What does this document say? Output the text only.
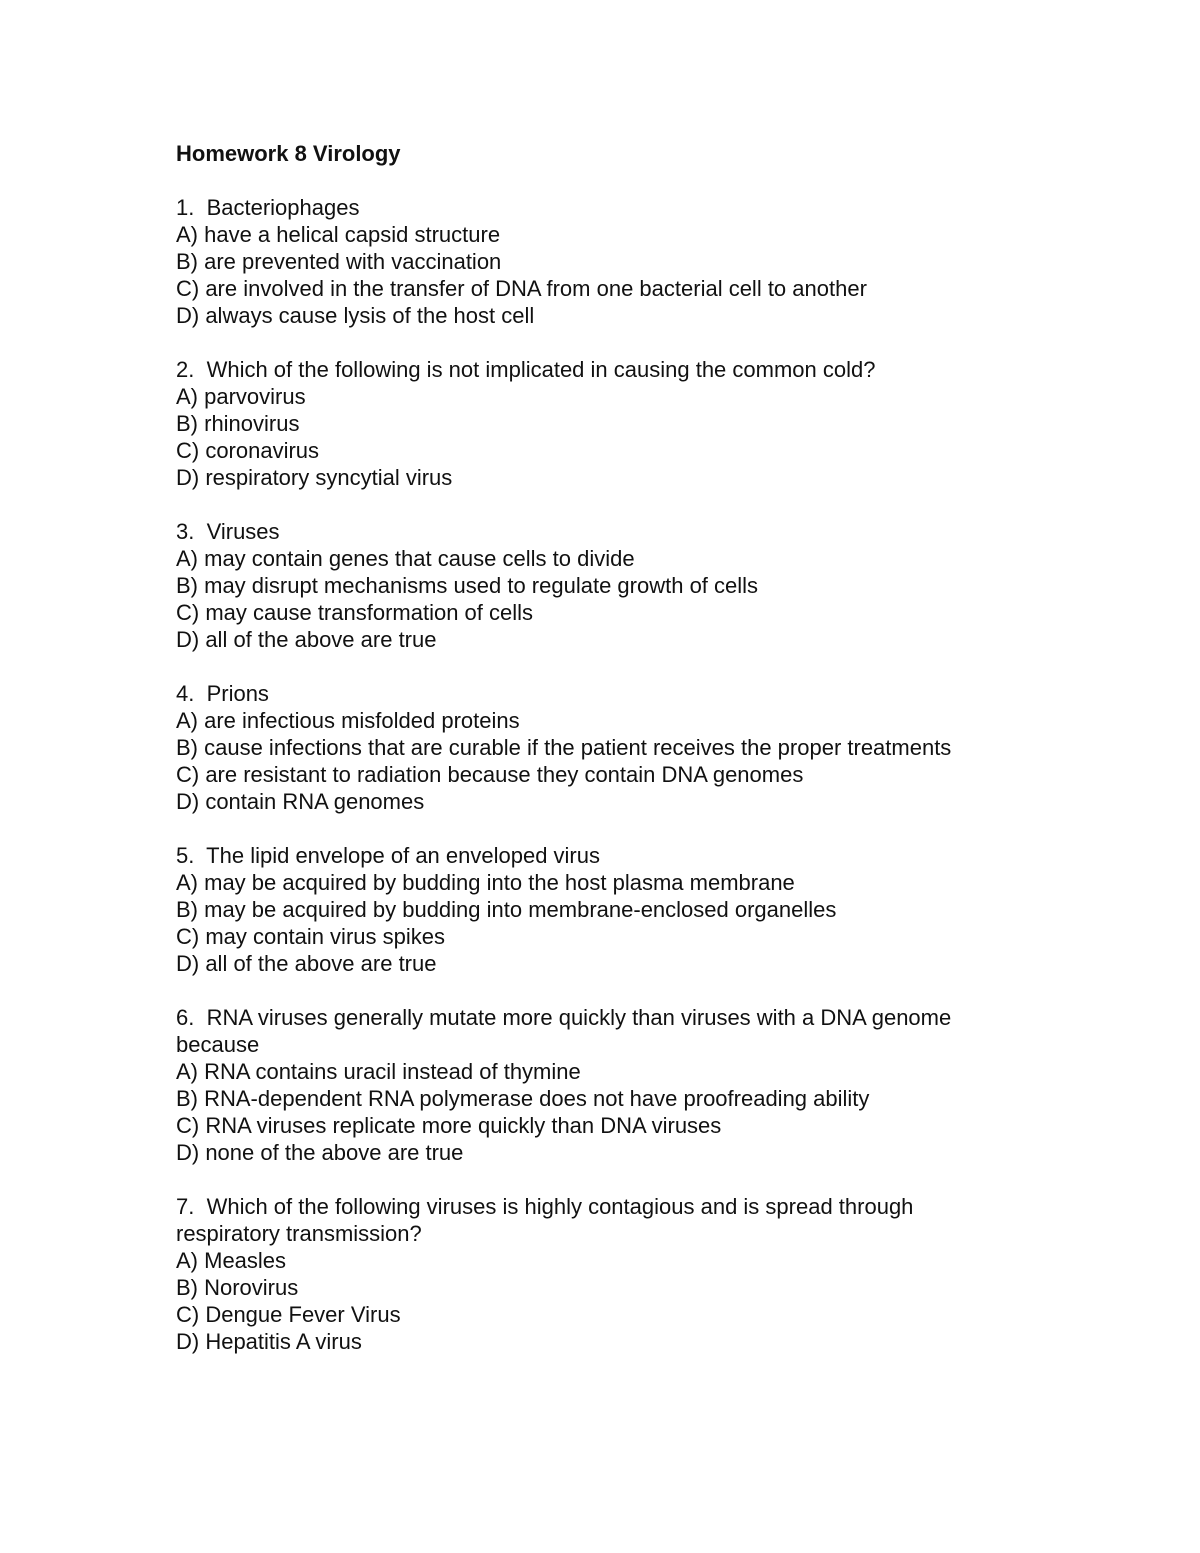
Homework 8 Virology

1.  Bacteriophages

A) have a helical capsid structure

B) are prevented with vaccination

C) are involved in the transfer of DNA from one bacterial cell to another

D) always cause lysis of the host cell

2.  Which of the following is not implicated in causing the common cold?

A) parvovirus

B) rhinovirus

C) coronavirus

D) respiratory syncytial virus

3.  Viruses

A) may contain genes that cause cells to divide

B) may disrupt mechanisms used to regulate growth of cells

C) may cause transformation of cells

D) all of the above are true

4.  Prions

A) are infectious misfolded proteins

B) cause infections that are curable if the patient receives the proper treatments

C) are resistant to radiation because they contain DNA genomes

D) contain RNA genomes

5.  The lipid envelope of an enveloped virus

A) may be acquired by budding into the host plasma membrane

B) may be acquired by budding into membrane-enclosed organelles

C) may contain virus spikes

D) all of the above are true

6.  RNA viruses generally mutate more quickly than viruses with a DNA genome

because

A) RNA contains uracil instead of thymine

B) RNA-dependent RNA polymerase does not have proofreading ability

C) RNA viruses replicate more quickly than DNA viruses

D) none of the above are true

7.  Which of the following viruses is highly contagious and is spread through

respiratory transmission?

A) Measles

B) Norovirus

C) Dengue Fever Virus

D) Hepatitis A virus
